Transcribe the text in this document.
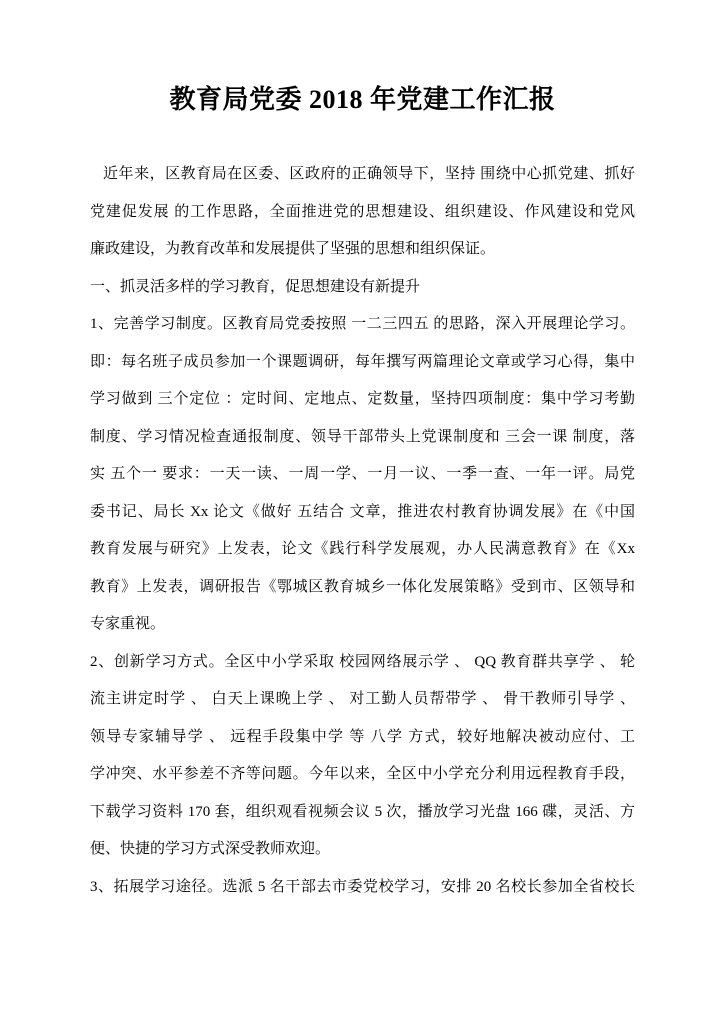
教育局党委 2018 年党建工作汇报
近年来，区教育局在区委、区政府的正确领导下，坚持 围绕中心抓党建、抓好
党建促发展 的工作思路，全面推进党的思想建设、组织建设、作风建设和党风
廉政建设，为教育改革和发展提供了坚强的思想和组织保证。
一、抓灵活多样的学习教育，促思想建设有新提升
1、完善学习制度。区教育局党委按照 一二三四五 的思路，深入开展理论学习。
即：每名班子成员参加一个课题调研，每年撰写两篇理论文章或学习心得，集中
学习做到 三个定位 ：定时间、定地点、定数量，坚持四项制度：集中学习考勤
制度、学习情况检查通报制度、领导干部带头上党课制度和 三会一课 制度，落
实 五个一 要求：一天一读、一周一学、一月一议、一季一查、一年一评。局党
委书记、局长 Xx 论文《做好 五结合 文章，推进农村教育协调发展》在《中国
教育发展与研究》上发表，论文《践行科学发展观，办人民满意教育》在《Xx
教育》上发表，调研报告《鄂城区教育城乡一体化发展策略》受到市、区领导和
专家重视。
2、创新学习方式。全区中小学采取 校园网络展示学 、 QQ 教育群共享学 、 轮
流主讲定时学 、 白天上课晚上学 、 对工勤人员帮带学 、 骨干教师引导学 、
领导专家辅导学 、 远程手段集中学 等 八学 方式，较好地解决被动应付、工
学冲突、水平参差不齐等问题。今年以来，全区中小学充分利用远程教育手段，
下载学习资料 170 套，组织观看视频会议 5 次，播放学习光盘 166 碟，灵活、方
便、快捷的学习方式深受教师欢迎。
3、拓展学习途径。选派 5 名干部去市委党校学习，安排 20 名校长参加全省校长
